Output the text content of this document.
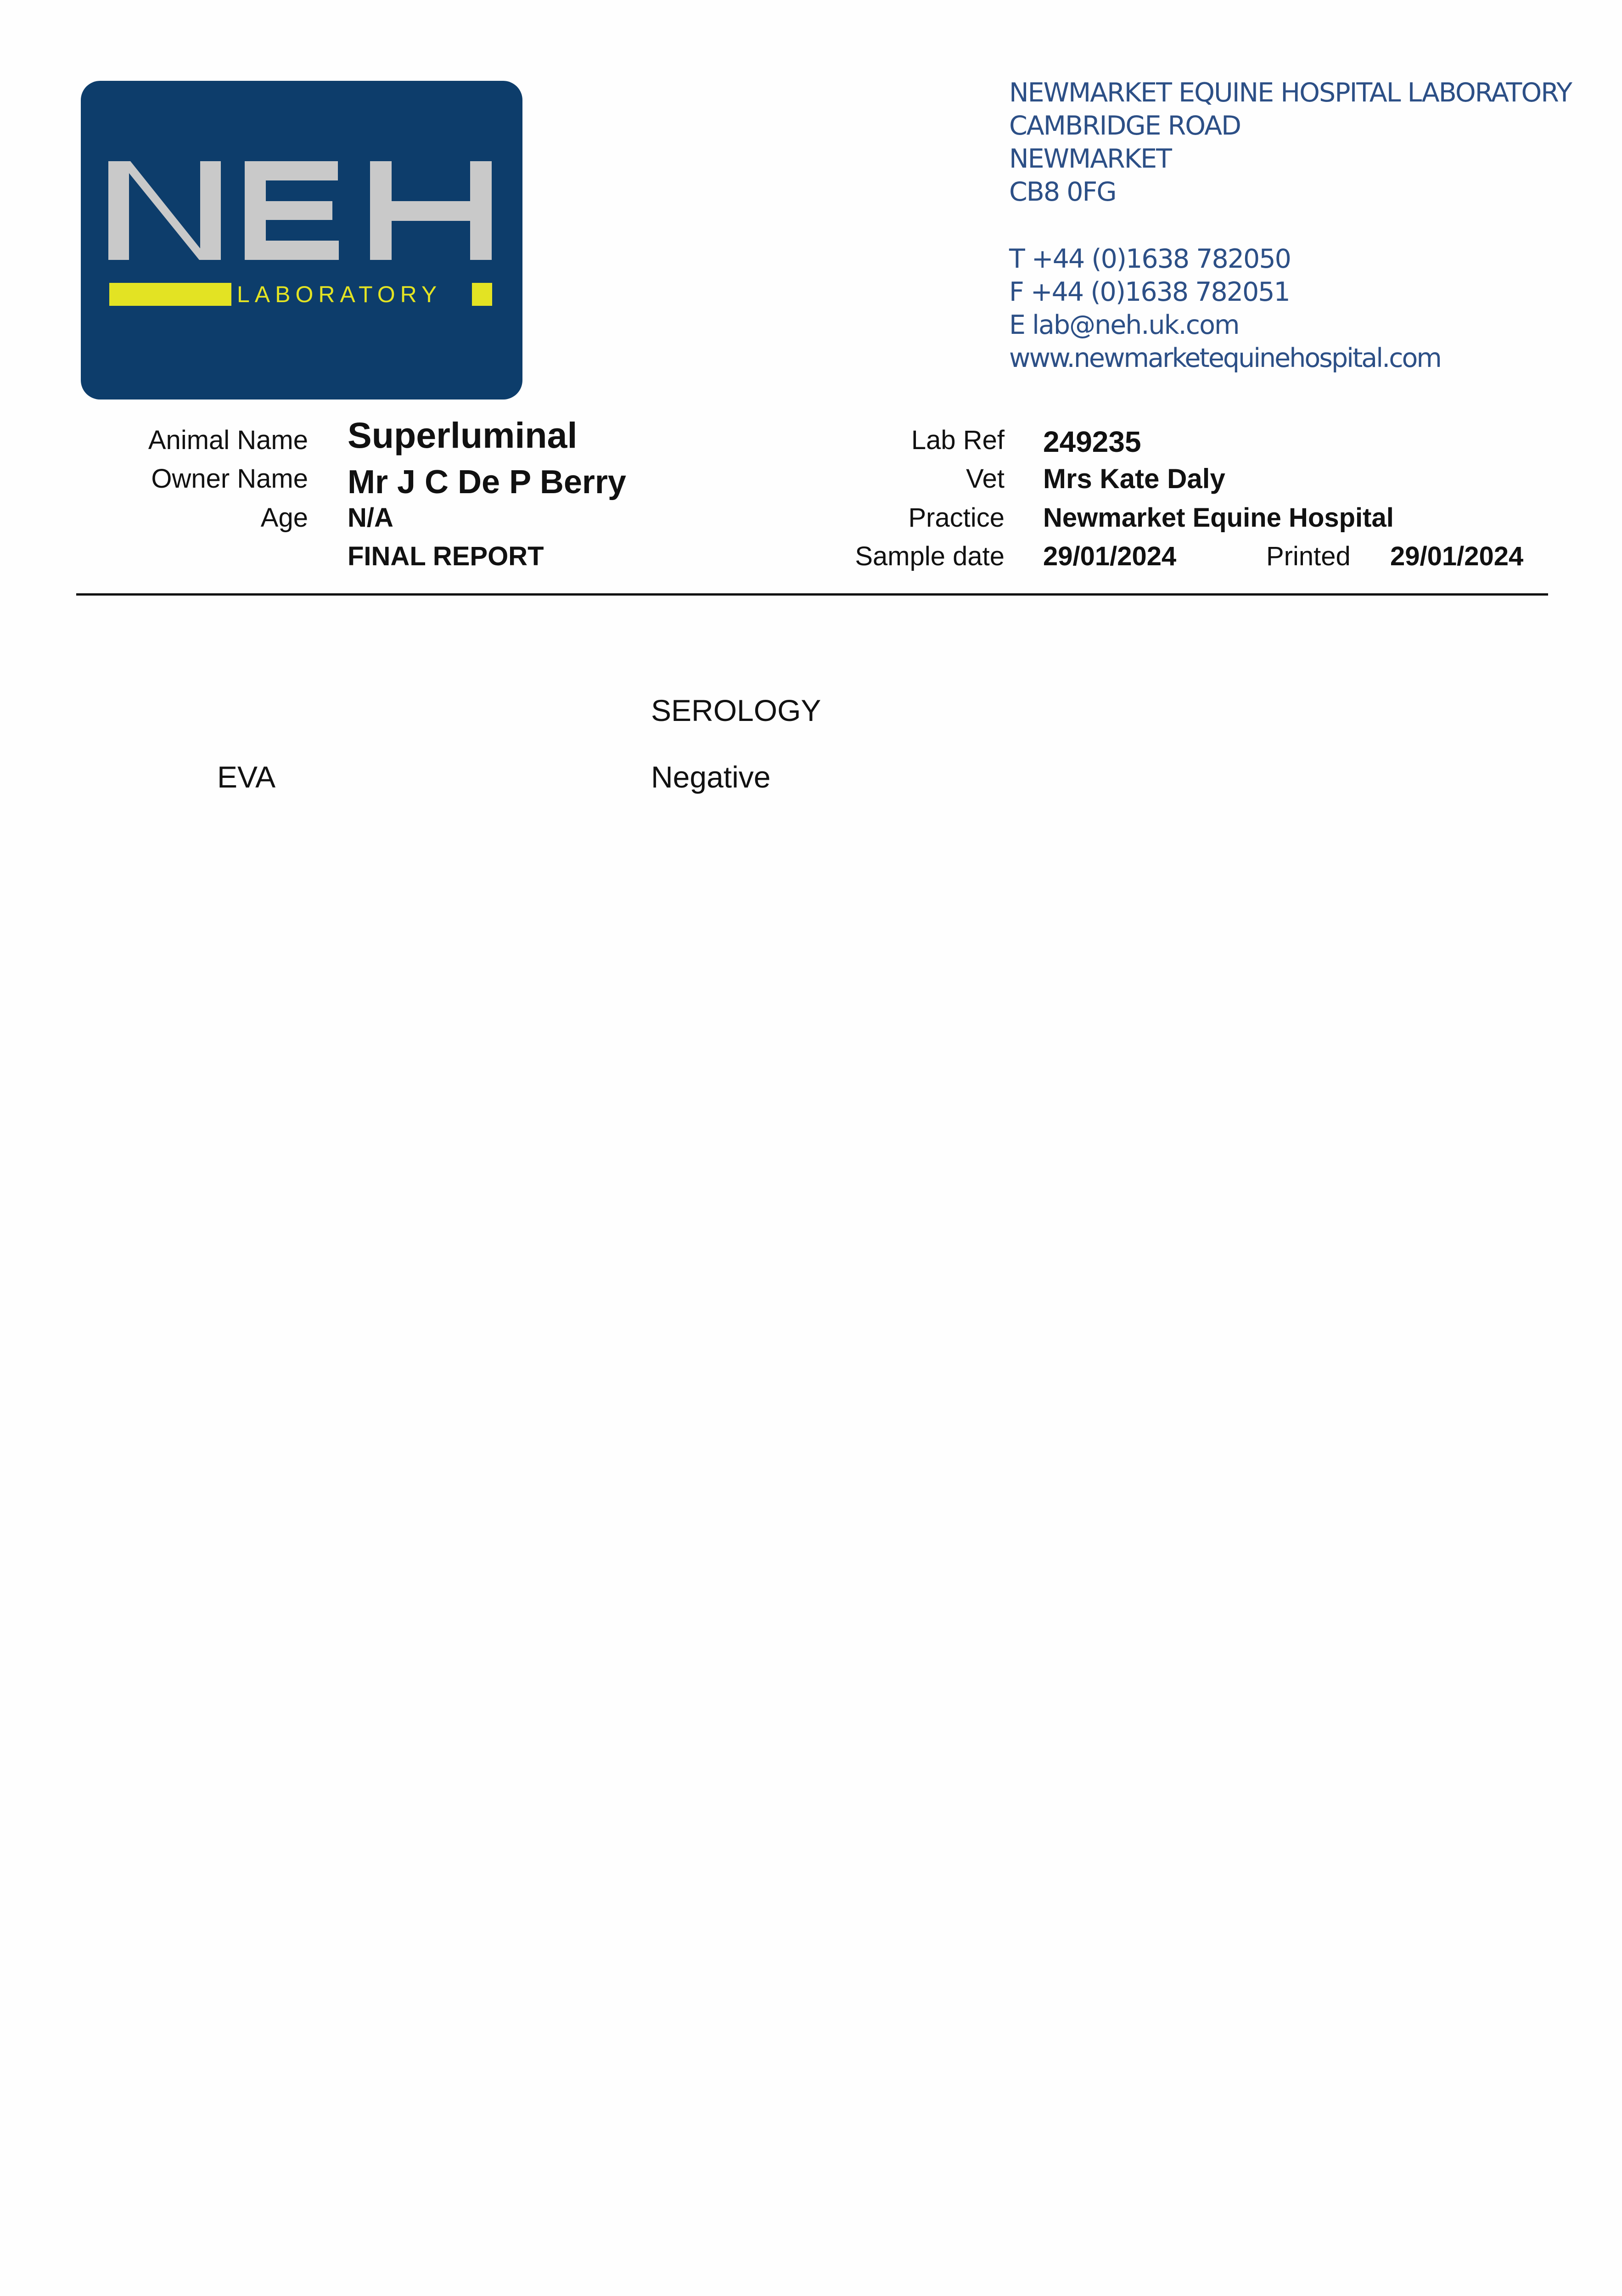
LABORATORY
NEWMARKET EQUINE HOSPITAL LABORATORY
CAMBRIDGE ROAD
NEWMARKET
CB8 0FG
T +44 (0)1638 782050
F +44 (0)1638 782051
E lab@neh.uk.com
www.newmarketequinehospital.com
Animal Name Superluminal
Owner Name Mr J C De P Berry
Age N/A
FINAL REPORT
Lab Ref 249235
Vet Mrs Kate Daly
Practice Newmarket Equine Hospital
Sample date 29/01/2024	Printed 29/01/2024
SEROLOGY
EVA	Negative
